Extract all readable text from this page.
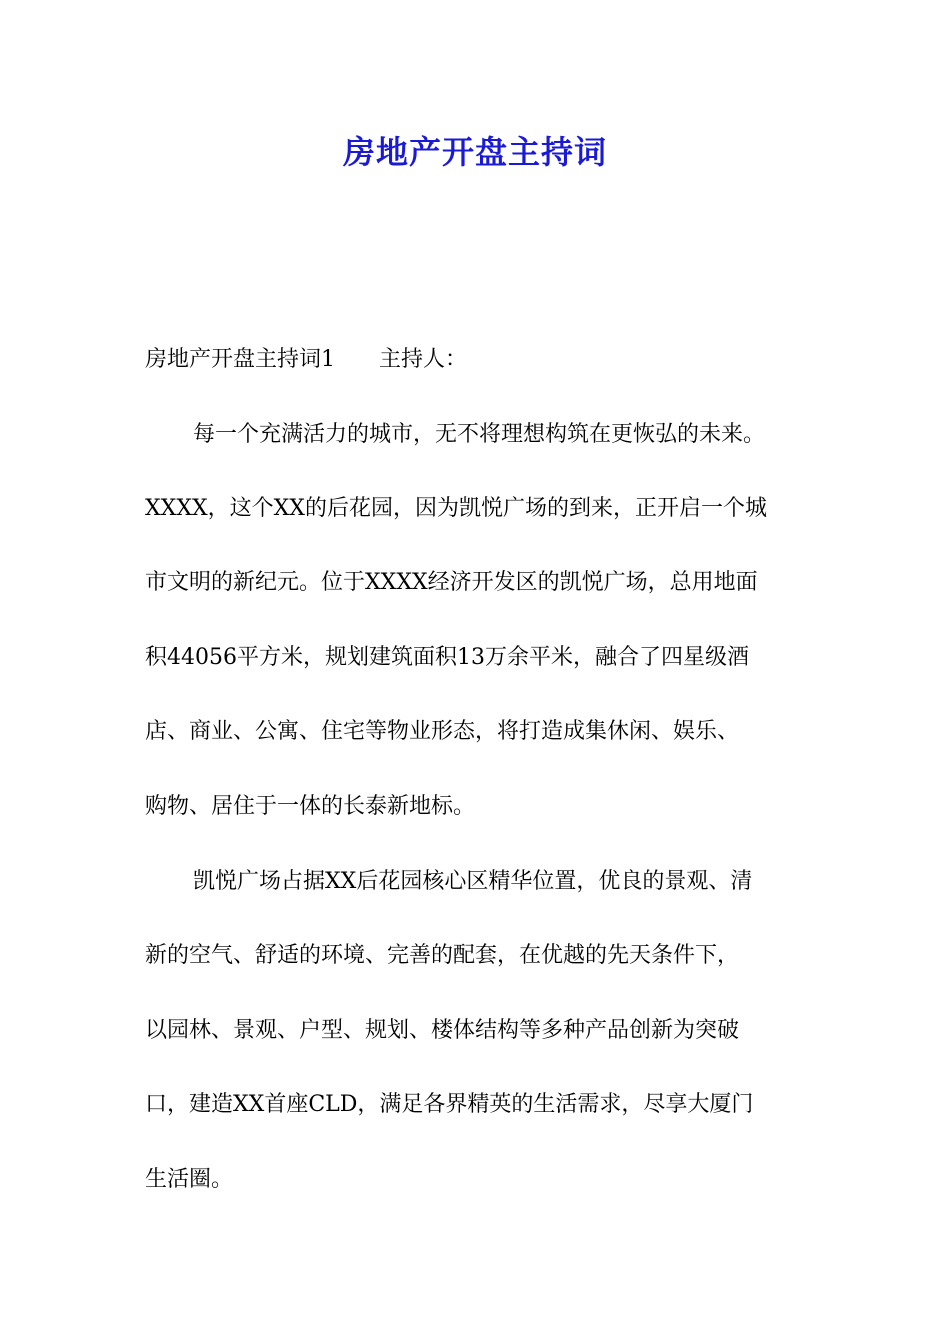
房地产开盘主持词
房地产开盘主持词1 主持人：
每一个充满活力的城市，无不将理想构筑在更恢弘的未来。
XXXX，这个XX的后花园，因为凯悦广场的到来，正开启一个城
市文明的新纪元。位于XXXX经济开发区的凯悦广场，总用地面
积44056平方米，规划建筑面积13万余平米，融合了四星级酒
店、商业、公寓、住宅等物业形态，将打造成集休闲、娱乐、
购物、居住于一体的长泰新地标。
凯悦广场占据XX后花园核心区精华位置，优良的景观、清
新的空气、舒适的环境、完善的配套，在优越的先天条件下，
以园林、景观、户型、规划、楼体结构等多种产品创新为突破
口，建造XX首座CLD，满足各界精英的生活需求，尽享大厦门
生活圈。
